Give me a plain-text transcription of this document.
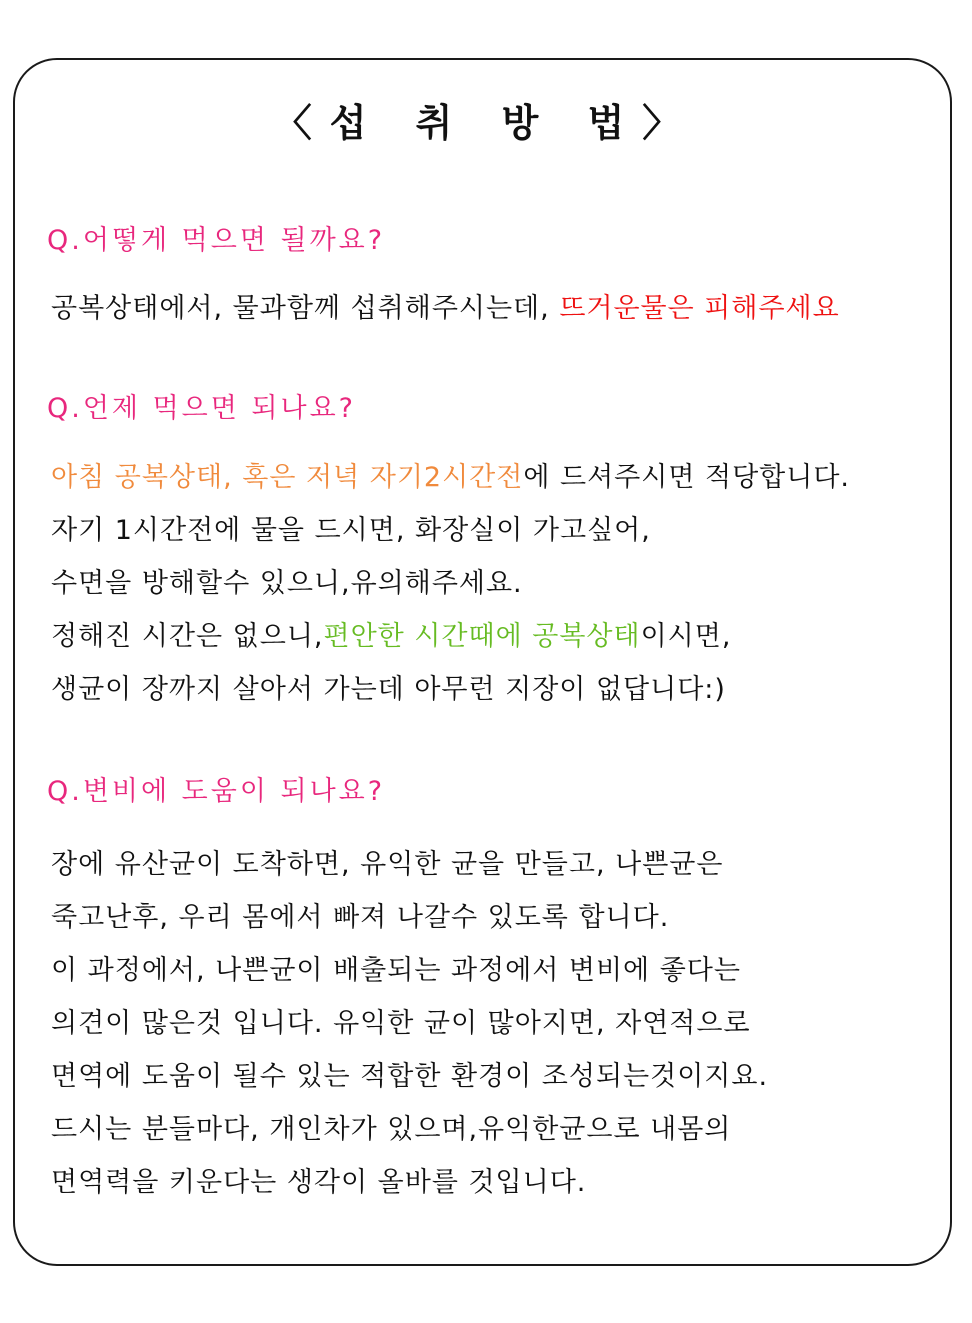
〈섭 취 방 법〉
Q.어떻게 먹으면 될까요?
공복상태에서, 물과함께 섭취해주시는데, 뜨거운물은 피해주세요
Q.언제 먹으면 되나요?
아침 공복상태, 혹은 저녁 자기2시간전에 드셔주시면 적당합니다.
자기 1시간전에 물을 드시면, 화장실이 가고싶어,
수면을 방해할수 있으니,유의해주세요.
정해진 시간은 없으니,편안한 시간때에 공복상태이시면,
생균이 장까지 살아서 가는데 아무런 지장이 없답니다:)
Q.변비에 도움이 되나요?
장에 유산균이 도착하면, 유익한 균을 만들고, 나쁜균은
죽고난후, 우리 몸에서 빠져 나갈수 있도록 합니다.
이 과정에서, 나쁜균이 배출되는 과정에서 변비에 좋다는
의견이 많은것 입니다. 유익한 균이 많아지면, 자연적으로
면역에 도움이 될수 있는 적합한 환경이 조성되는것이지요.
드시는 분들마다, 개인차가 있으며,유익한균으로 내몸의
면역력을 키운다는 생각이 올바를 것입니다.
